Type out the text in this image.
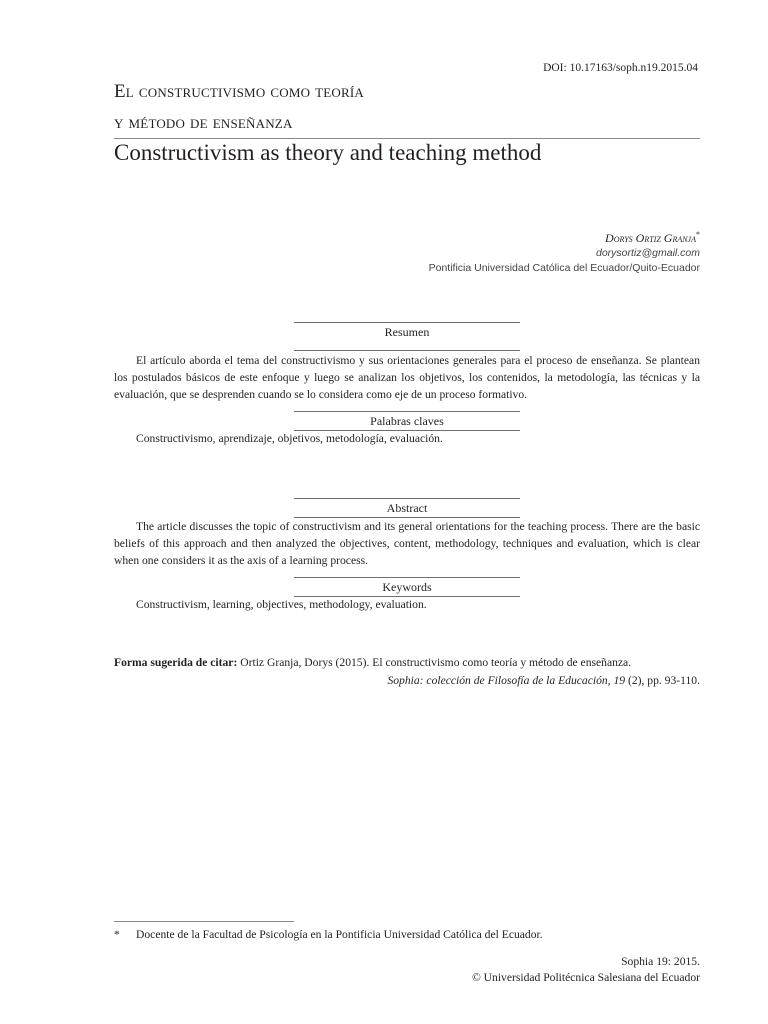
DOI: 10.17163/soph.n19.2015.04
El constructivismo como teoría
y método de enseñanza
Constructivism as theory and teaching method
Dorys Ortiz Granja*
dorysortiz@gmail.com
Pontificia Universidad Católica del Ecuador/Quito-Ecuador
Resumen
El artículo aborda el tema del constructivismo y sus orientaciones generales para el proceso de enseñanza. Se plantean los postulados básicos de este enfoque y luego se analizan los objetivos, los contenidos, la metodología, las técnicas y la evaluación, que se desprenden cuando se lo considera como eje de un proceso formativo.
Palabras claves
Constructivismo, aprendizaje, objetivos, metodología, evaluación.
Abstract
The article discusses the topic of constructivism and its general orientations for the teaching process. There are the basic beliefs of this approach and then analyzed the objectives, content, methodology, techniques and evaluation, which is clear when one considers it as the axis of a learning process.
Keywords
Constructivism, learning, objectives, methodology, evaluation.
Forma sugerida de citar: Ortiz Granja, Dorys (2015). El constructivismo como teoría y método de enseñanza.
Sophia: colección de Filosofía de la Educación, 19 (2), pp. 93-110.
* Docente de la Facultad de Psicología en la Pontificia Universidad Católica del Ecuador.
Sophia 19: 2015.
© Universidad Politécnica Salesiana del Ecuador
